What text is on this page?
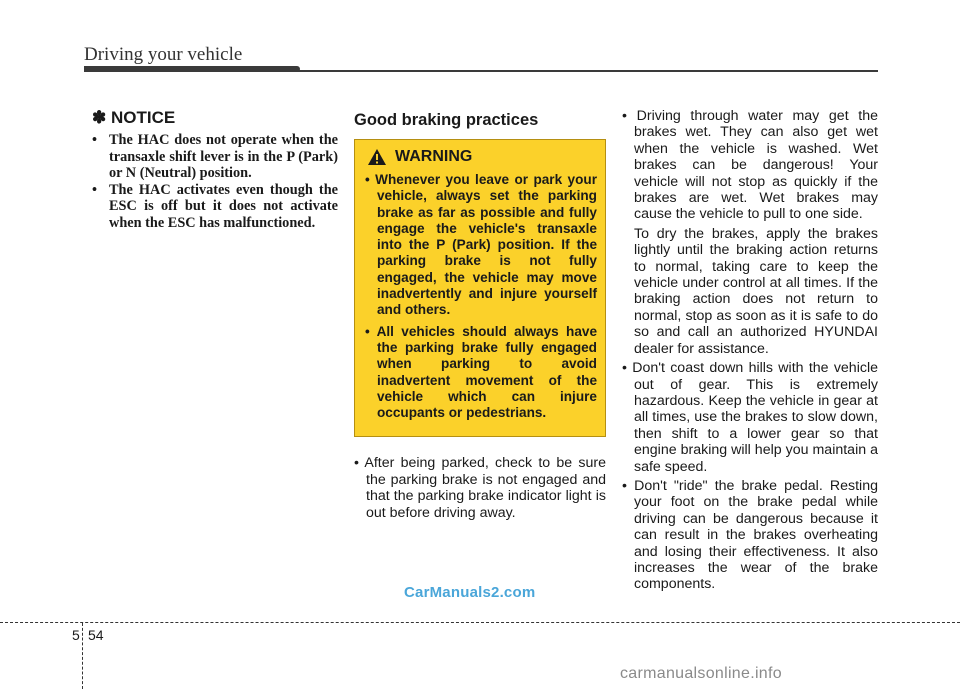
Driving your vehicle
✽ NOTICE
• The HAC does not operate when the transaxle shift lever is in the P (Park) or N (Neutral) position.
• The HAC activates even though the ESC is off but it does not activate when the ESC has malfunctioned.
Good braking practices
WARNING
• Whenever you leave or park your vehicle, always set the parking brake as far as possible and fully engage the vehicle's transaxle into the P (Park) position. If the parking brake is not fully engaged, the vehicle may move inadvertently and injure yourself and others.
• All vehicles should always have the parking brake fully engaged when parking to avoid inadvertent movement of the vehicle which can injure occupants or pedestrians.
• After being parked, check to be sure the parking brake is not engaged and that the parking brake indicator light is out before driving away.
• Driving through water may get the brakes wet. They can also get wet when the vehicle is washed. Wet brakes can be dangerous! Your vehicle will not stop as quickly if the brakes are wet. Wet brakes may cause the vehicle to pull to one side.
To dry the brakes, apply the brakes lightly until the braking action returns to normal, taking care to keep the vehicle under control at all times. If the braking action does not return to normal, stop as soon as it is safe to do so and call an authorized HYUNDAI dealer for assistance.
• Don't coast down hills with the vehicle out of gear. This is extremely hazardous. Keep the vehicle in gear at all times, use the brakes to slow down, then shift to a lower gear so that engine braking will help you maintain a safe speed.
• Don't "ride" the brake pedal. Resting your foot on the brake pedal while driving can be dangerous because it can result in the brakes overheating and losing their effectiveness. It also increases the wear of the brake components.
CarManuals2.com
5 54
carmanualsonline.info
